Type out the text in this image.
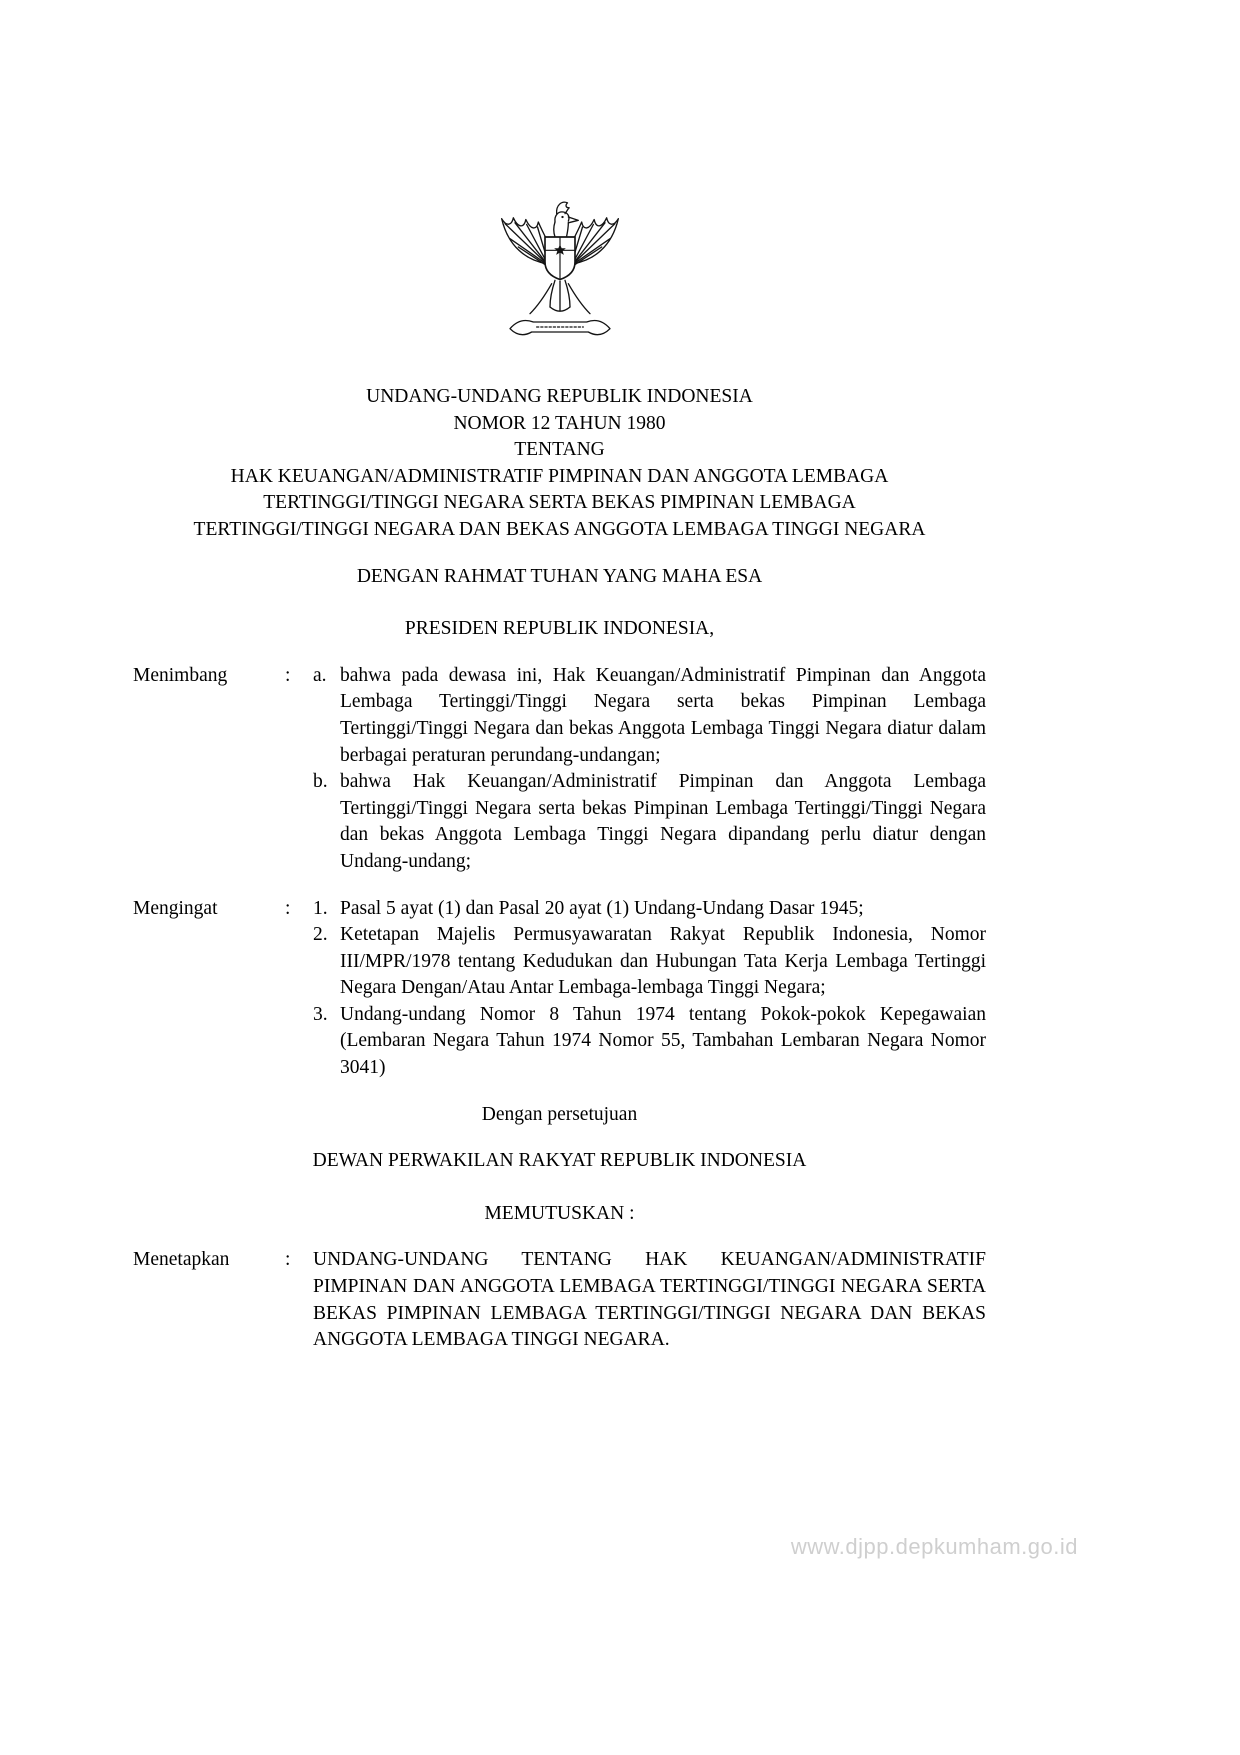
UNDANG-UNDANG REPUBLIK INDONESIA
NOMOR 12 TAHUN 1980
TENTANG
HAK KEUANGAN/ADMINISTRATIF PIMPINAN DAN ANGGOTA LEMBAGA
TERTINGGI/TINGGI NEGARA SERTA BEKAS PIMPINAN LEMBAGA
TERTINGGI/TINGGI NEGARA DAN BEKAS ANGGOTA LEMBAGA TINGGI NEGARA
DENGAN RAHMAT TUHAN YANG MAHA ESA
PRESIDEN REPUBLIK INDONESIA,
Menimbang	:	a. bahwa pada dewasa ini, Hak Keuangan/Administratif Pimpinan dan Anggota Lembaga Tertinggi/Tinggi Negara serta bekas Pimpinan Lembaga Tertinggi/Tinggi Negara dan bekas Anggota Lembaga Tinggi Negara diatur dalam berbagai peraturan perundang-undangan;
b. bahwa Hak Keuangan/Administratif Pimpinan dan Anggota Lembaga Tertinggi/Tinggi Negara serta bekas Pimpinan Lembaga Tertinggi/Tinggi Negara dan bekas Anggota Lembaga Tinggi Negara dipandang perlu diatur dengan Undang-undang;
Mengingat	:	1. Pasal 5 ayat (1) dan Pasal 20 ayat (1) Undang-Undang Dasar 1945;
2. Ketetapan Majelis Permusyawaratan Rakyat Republik Indonesia, Nomor III/MPR/1978 tentang Kedudukan dan Hubungan Tata Kerja Lembaga Tertinggi Negara Dengan/Atau Antar Lembaga-lembaga Tinggi Negara;
3. Undang-undang Nomor 8 Tahun 1974 tentang Pokok-pokok Kepegawaian (Lembaran Negara Tahun 1974 Nomor 55, Tambahan Lembaran Negara Nomor 3041)
Dengan persetujuan
DEWAN PERWAKILAN RAKYAT REPUBLIK INDONESIA
MEMUTUSKAN :
Menetapkan	:	UNDANG-UNDANG TENTANG HAK KEUANGAN/ADMINISTRATIF PIMPINAN DAN ANGGOTA LEMBAGA TERTINGGI/TINGGI NEGARA SERTA BEKAS PIMPINAN LEMBAGA TERTINGGI/TINGGI NEGARA DAN BEKAS ANGGOTA LEMBAGA TINGGI NEGARA.
www.djpp.depkumham.go.id
